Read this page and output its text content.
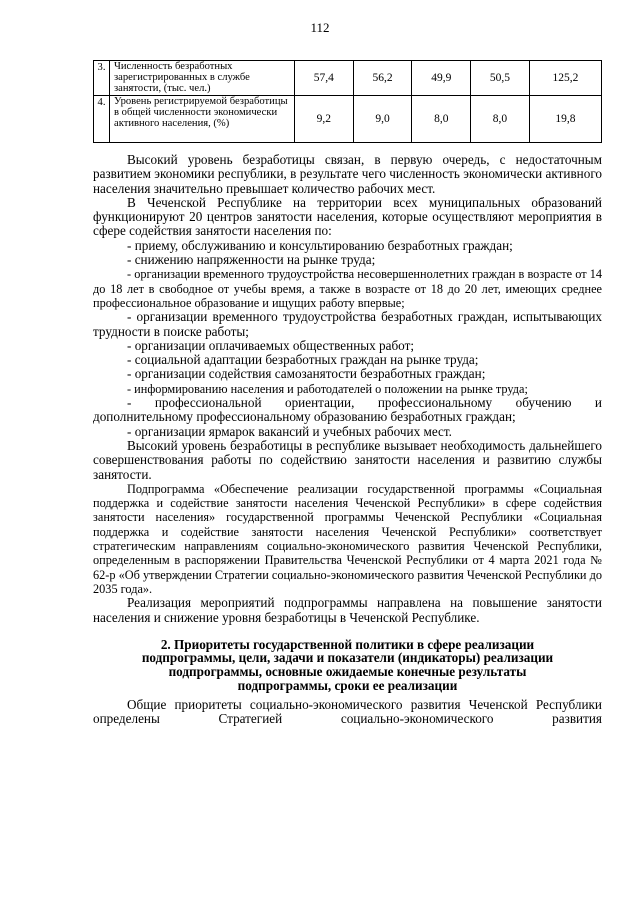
112
3.	Численность безработных зарегистрированных в службе занятости, (тыс. чел.)	57,4	56,2	49,9	50,5	125,2
4.	Уровень регистрируемой безработицы в общей численности экономически активного населения, (%)	9,2	9,0	8,0	8,0	19,8

Высокий уровень безработицы связан, в первую очередь, с недостаточным развитием экономики республики, в результате чего численность экономически активного населения значительно превышает количество рабочих мест.

В Чеченской Республике на территории всех муниципальных образований функционируют 20 центров занятости населения, которые осуществляют мероприятия в сфере содействия занятости населения по:

- приему, обслуживанию и консультированию безработных граждан;

- снижению напряженности на рынке труда;

- организации временного трудоустройства несовершеннолетних граждан в возрасте от 14 до 18 лет в свободное от учебы время, а также в возрасте от 18 до 20 лет, имеющих среднее профессиональное образование и ищущих работу впервые;

- организации временного трудоустройства безработных граждан, испытывающих трудности в поиске работы;

- организации оплачиваемых общественных работ;

- социальной адаптации безработных граждан на рынке труда;

- организации содействия самозанятости безработных граждан;

- информированию населения и работодателей о положении на рынке труда;

- профессиональной ориентации, профессиональному обучению и дополнительному профессиональному образованию безработных граждан;

- организации ярмарок вакансий и учебных рабочих мест.

Высокий уровень безработицы в республике вызывает необходимость дальнейшего совершенствования работы по содействию занятости населения и развитию службы занятости.

Подпрограмма «Обеспечение реализации государственной программы «Социальная поддержка и содействие занятости населения Чеченской Республики» в сфере содействия занятости населения» государственной программы Чеченской Республики «Социальная поддержка и содействие занятости населения Чеченской Республики» соответствует стратегическим направлениям социально-экономического развития Чеченской Республики, определенным в распоряжении Правительства Чеченской Республики от 4 марта 2021 года № 62-р «Об утверждении Стратегии социально-экономического развития Чеченской Республики до 2035 года».

Реализация мероприятий подпрограммы направлена на повышение занятости населения и снижение уровня безработицы в Чеченской Республике.

2. Приоритеты государственной политики в сфере реализации
подпрограммы, цели, задачи и показатели (индикаторы) реализации
подпрограммы, основные ожидаемые конечные результаты
подпрограммы, сроки ее реализации

Общие приоритеты социально-экономического развития Чеченской Республики определены Стратегией социально-экономического развития
